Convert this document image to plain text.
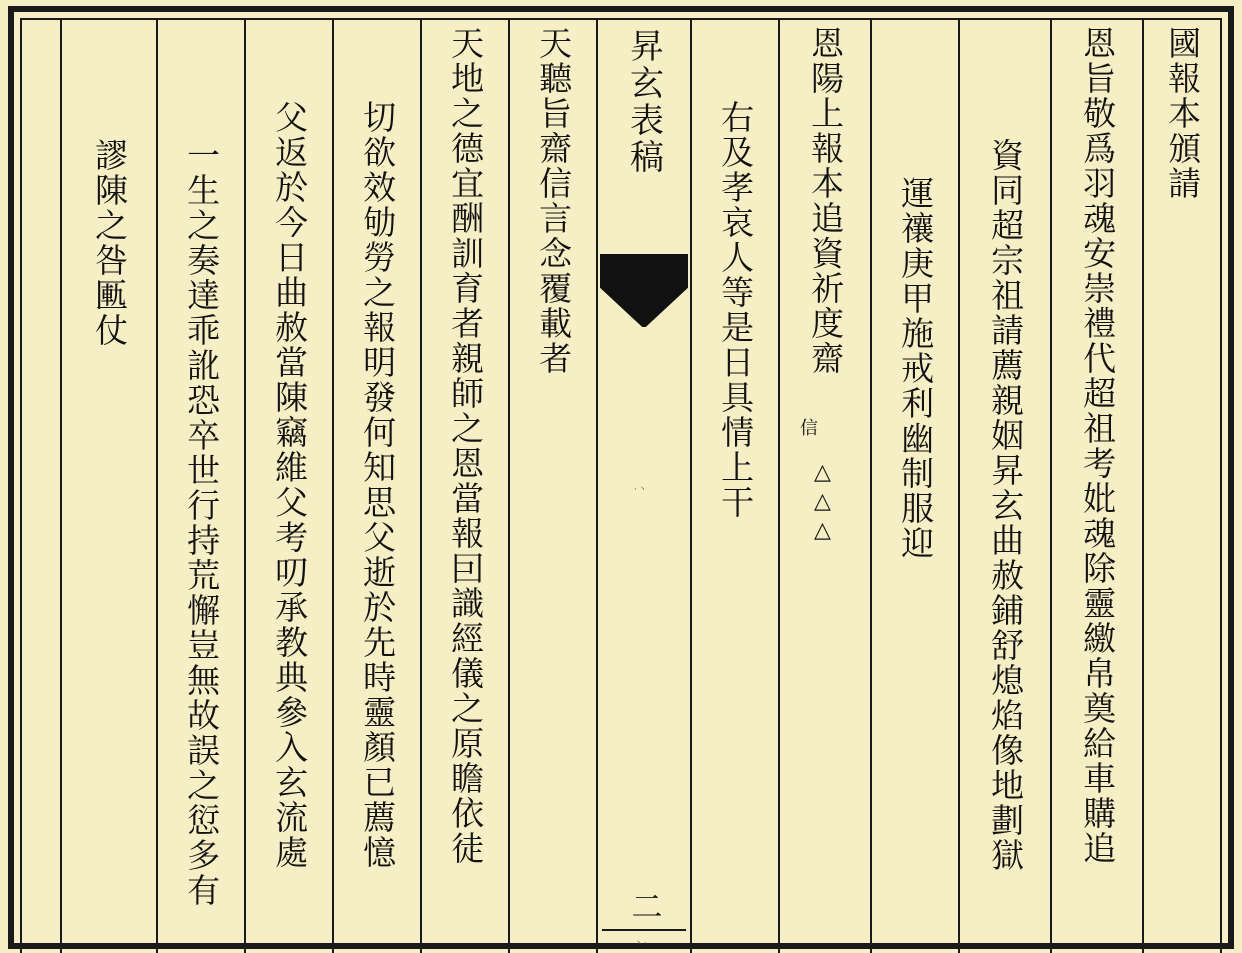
國報本頒請
恩旨敬爲羽魂安崇禮代超祖考妣魂除靈繳帛奠給車購追
資同超宗祖請薦親姻昇玄曲赦鋪舒熄焰像地劃獄
運禳庚甲施戒利幽制服迎
恩陽上報本追資祈度齋
信
△△△
右及孝哀人等是日具情上干
昇玄表稿
·丶
二
丶·
天聽旨齋信言念覆載者
天地之德宜酬訓育者親師之恩當報囙識經儀之原瞻依徒
切欲效劬勞之報明發何知思父逝於先時靈顏已薦憶
父返於今日曲赦當陳竊維父考叨承教典參入玄流處
一生之奏達乖訛恐卒世行持荒懈豈無故誤之愆多有
謬陳之咎匭仗
